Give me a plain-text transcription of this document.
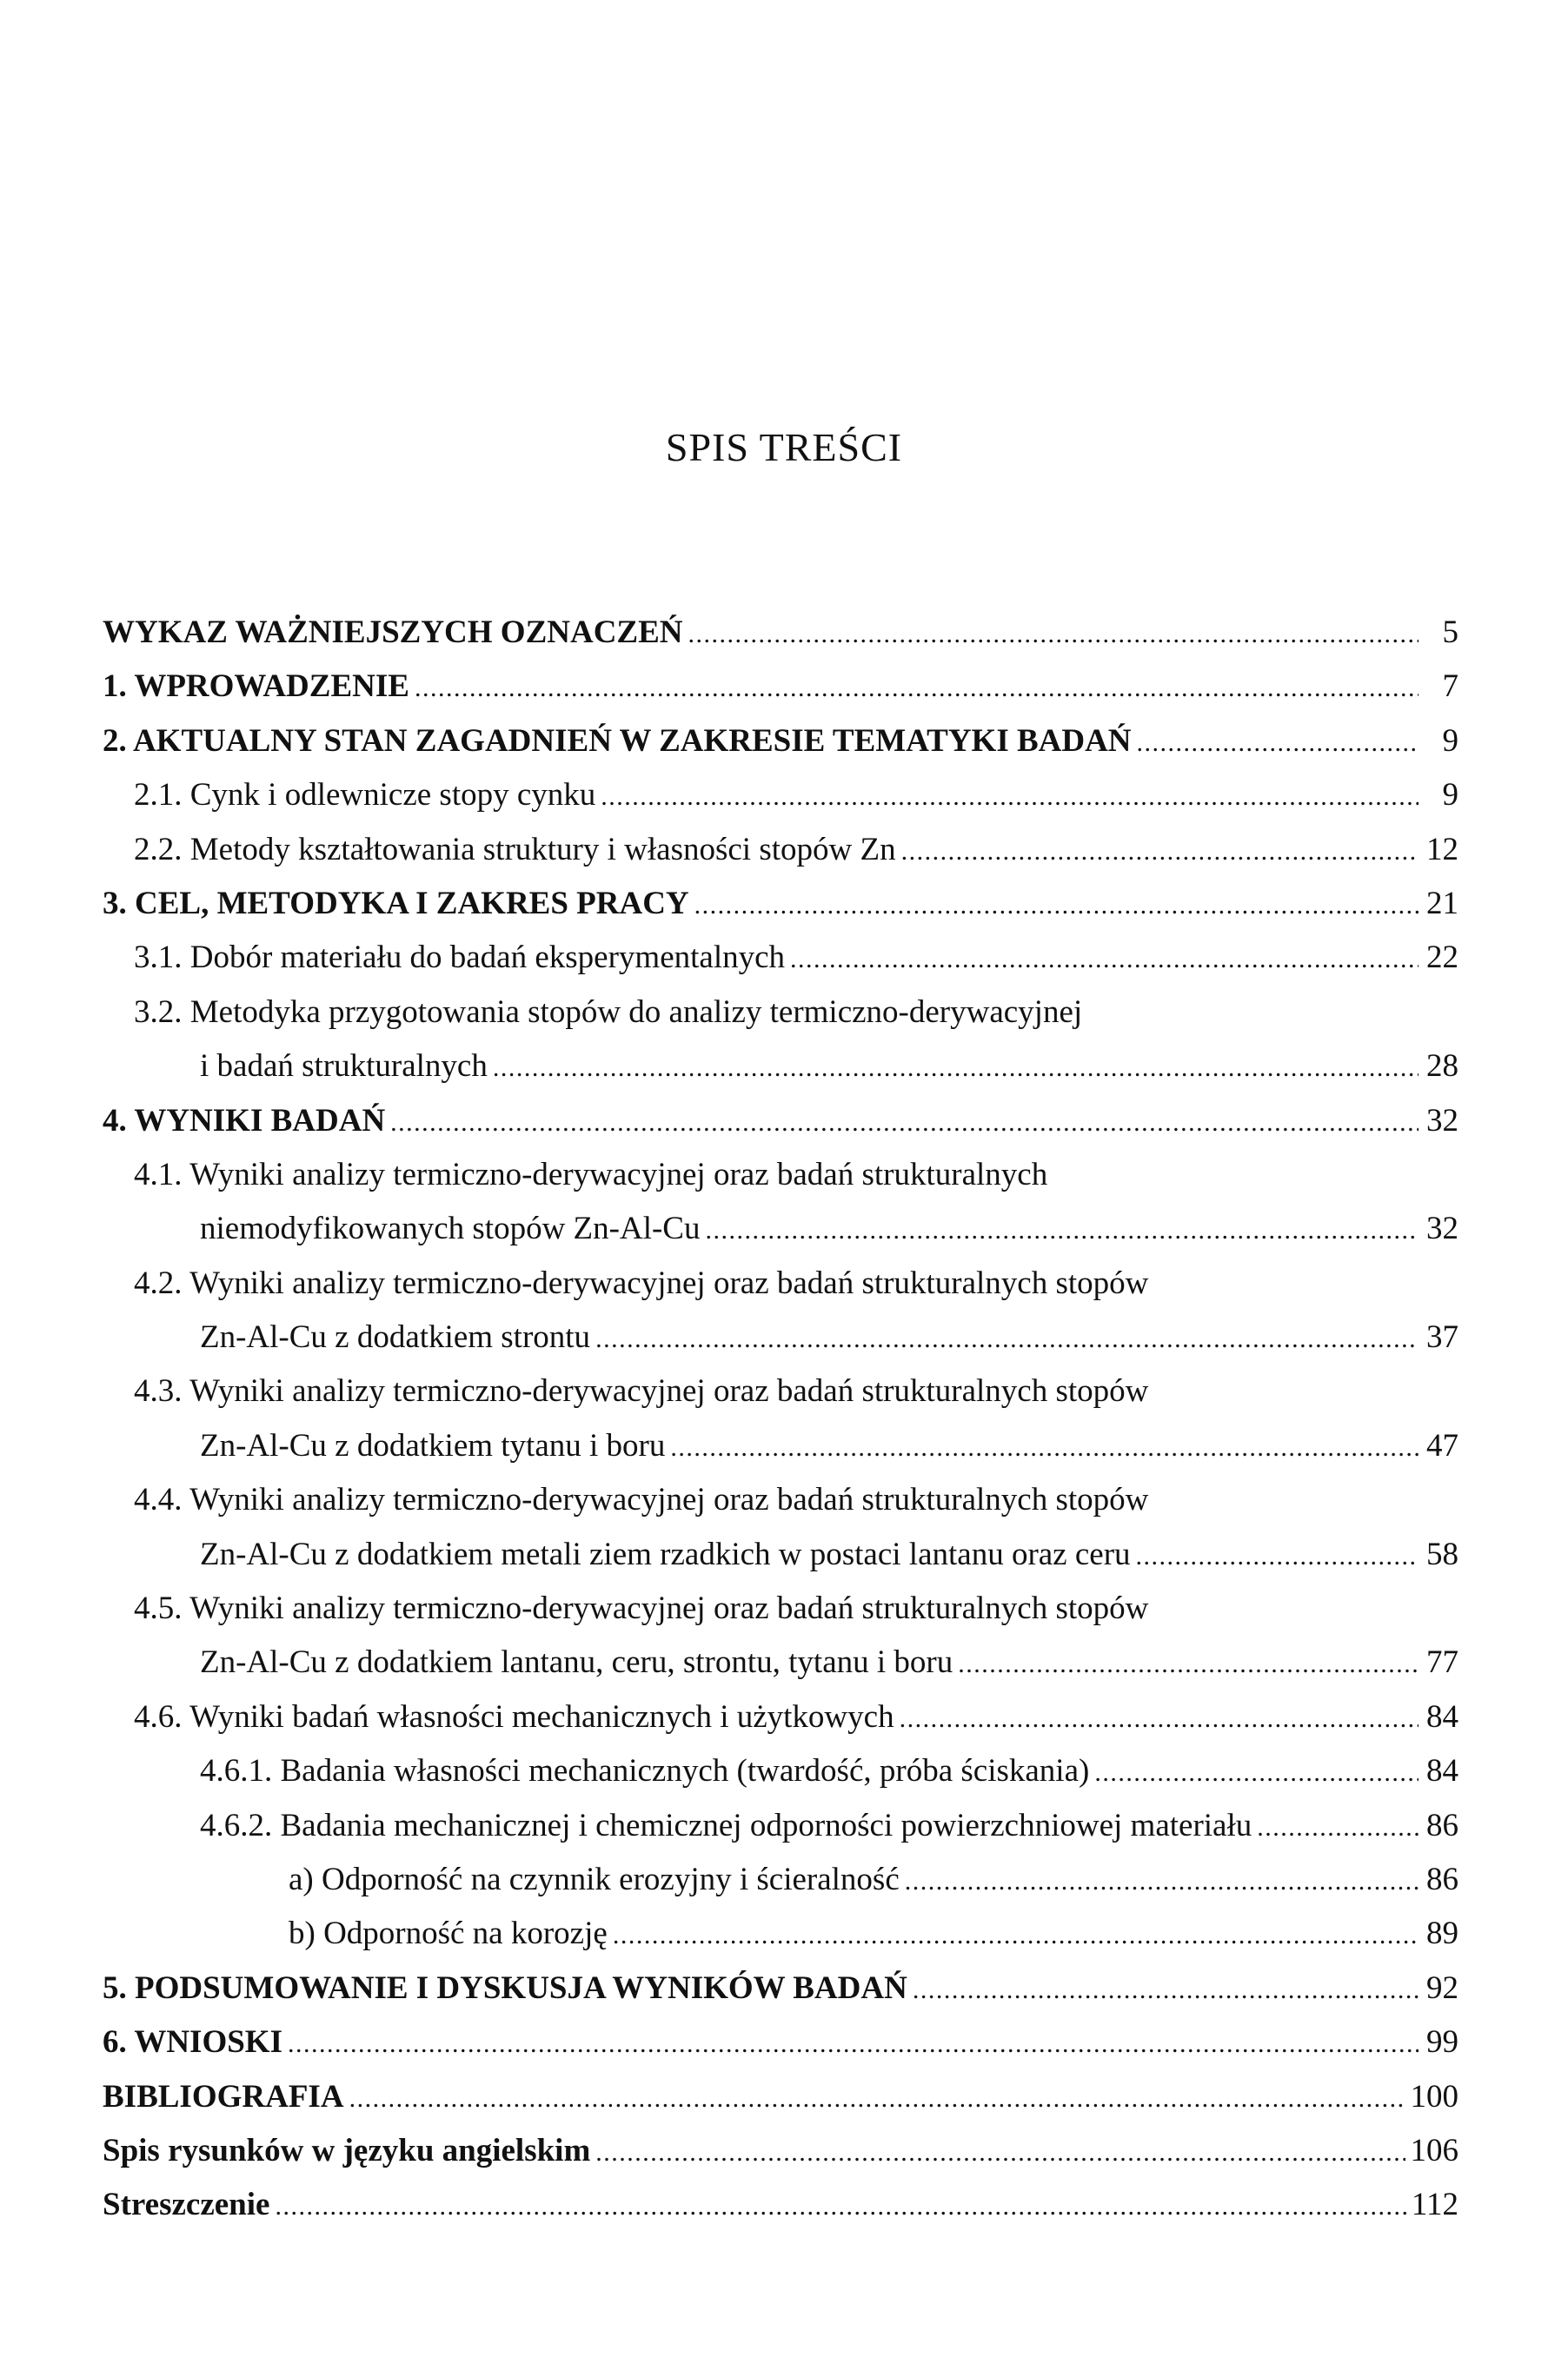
SPIS TREŚCI
WYKAZ WAŻNIEJSZYCH OZNACZEŃ . . .	5
1. WPROWADZENIE . . .	7
2. AKTUALNY STAN ZAGADNIEŃ W ZAKRESIE TEMATYKI BADAŃ . . .	9
2.1. Cynk i odlewnicze stopy cynku . . .	9
2.2. Metody kształtowania struktury i własności stopów Zn . . .	12
3. CEL, METODYKA I ZAKRES PRACY . . .	21
3.1. Dobór materiału do badań eksperymentalnych . . .	22
3.2. Metodyka przygotowania stopów do analizy termiczno-derywacyjnej
i badań strukturalnych . . .	28
4. WYNIKI BADAŃ . . .	32
4.1. Wyniki analizy termiczno-derywacyjnej oraz badań strukturalnych
niemodyfikowanych stopów Zn-Al-Cu . . .	32
4.2. Wyniki analizy termiczno-derywacyjnej oraz badań strukturalnych stopów
Zn-Al-Cu z dodatkiem strontu . . .	37
4.3. Wyniki analizy termiczno-derywacyjnej oraz badań strukturalnych stopów
Zn-Al-Cu z dodatkiem tytanu i boru . . .	47
4.4. Wyniki analizy termiczno-derywacyjnej oraz badań strukturalnych stopów
Zn-Al-Cu z dodatkiem metali ziem rzadkich w postaci lantanu oraz ceru . . .	58
4.5. Wyniki analizy termiczno-derywacyjnej oraz badań strukturalnych stopów
Zn-Al-Cu z dodatkiem lantanu, ceru, strontu, tytanu i boru . . .	77
4.6. Wyniki badań własności mechanicznych i użytkowych . . .	84
4.6.1. Badania własności mechanicznych (twardość, próba ściskania) . . .	84
4.6.2. Badania mechanicznej i chemicznej odporności powierzchniowej materiału . . .	86
a) Odporność na czynnik erozyjny i ścieralność . . .	86
b) Odporność na korozję . . .	89
5. PODSUMOWANIE I DYSKUSJA WYNIKÓW BADAŃ . . .	92
6. WNIOSKI . . .	99
BIBLIOGRAFIA . . .	100
Spis rysunków w języku angielskim . . .	106
Streszczenie . . .	112
